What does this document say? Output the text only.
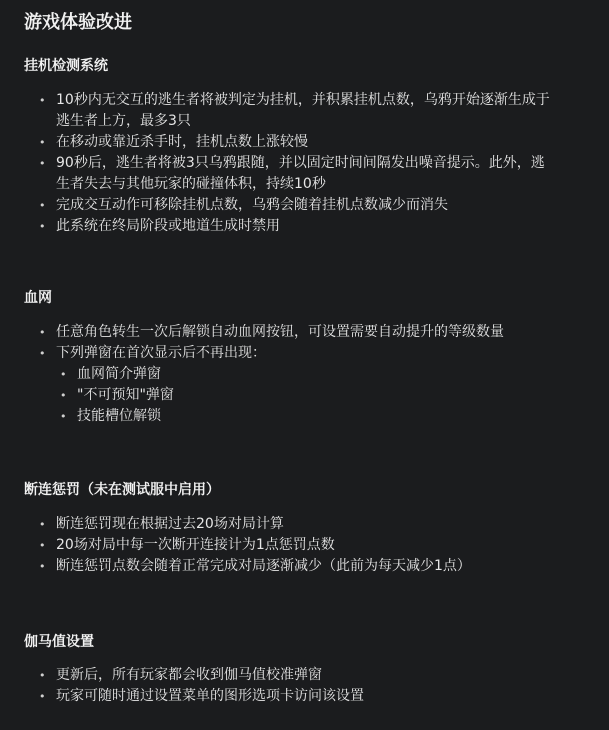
游戏体验改进
挂机检测系统
• 10秒内无交互的逃生者将被判定为挂机，并积累挂机点数，乌鸦开始逐渐生成于逃生者上方，最多3只
• 在移动或靠近杀手时，挂机点数上涨较慢
• 90秒后，逃生者将被3只乌鸦跟随，并以固定时间间隔发出噪音提示。此外，逃生者失去与其他玩家的碰撞体积，持续10秒
• 完成交互动作可移除挂机点数，乌鸦会随着挂机点数减少而消失
• 此系统在终局阶段或地道生成时禁用
血网
• 任意角色转生一次后解锁自动血网按钮，可设置需要自动提升的等级数量
• 下列弹窗在首次显示后不再出现：
• 血网简介弹窗
• "不可预知"弹窗
• 技能槽位解锁
断连惩罚（未在测试服中启用）
• 断连惩罚现在根据过去20场对局计算
• 20场对局中每一次断开连接计为1点惩罚点数
• 断连惩罚点数会随着正常完成对局逐渐减少（此前为每天减少1点）
伽马值设置
• 更新后，所有玩家都会收到伽马值校准弹窗
• 玩家可随时通过设置菜单的图形选项卡访问该设置
